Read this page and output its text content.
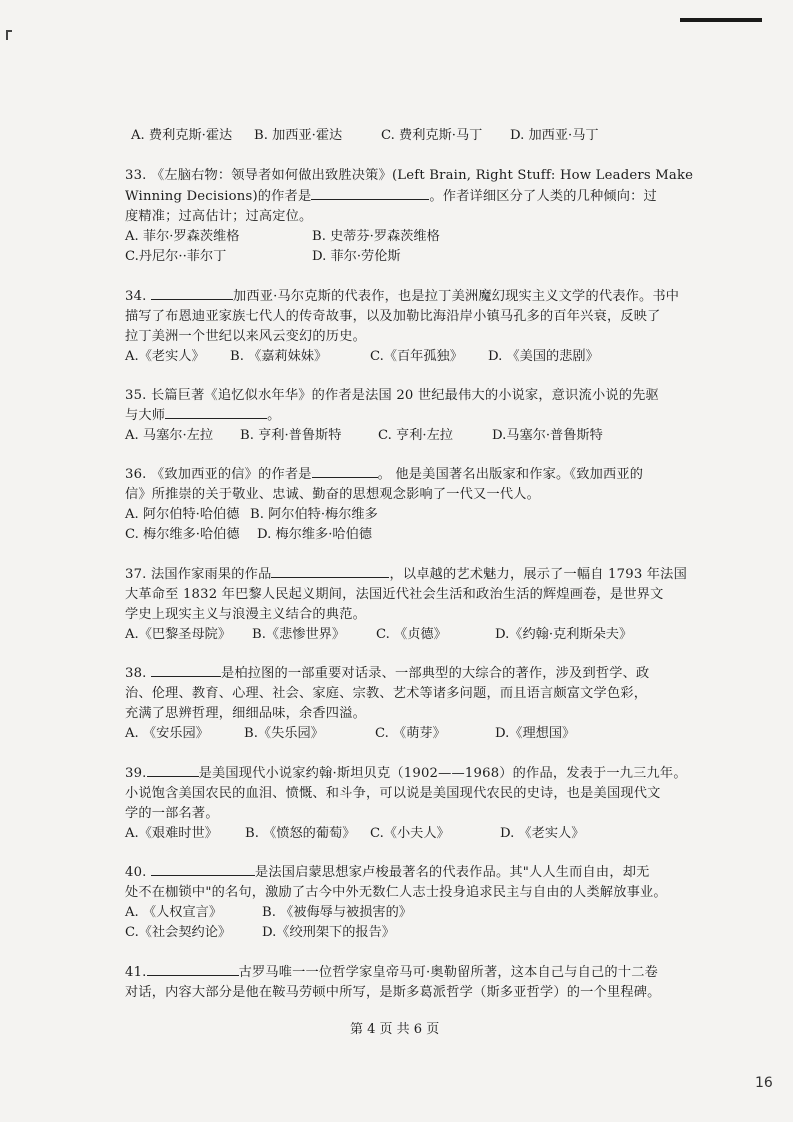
A. 费利克斯·霍达 B. 加西亚·霍达	C. 费利克斯·马丁 D. 加西亚·马丁
33. 《左脑右物：领导者如何做出致胜决策》(Left Brain, Right Stuff: How Leaders Make
Winning Decisions)的作者是	。作者详细区分了人类的几种倾向：过
度精准；过高估计；过高定位。
A. 菲尔·罗森茨维格	B. 史蒂芬·罗森茨维格
C.丹尼尔··菲尔丁	D. 菲尔·劳伦斯
34.	加西亚·马尔克斯的代表作，也是拉丁美洲魔幻现实主义文学的代表作。书中
描写了布恩迪亚家族七代人的传奇故事，以及加勒比海沿岸小镇马孔多的百年兴衰，反映了
拉丁美洲一个世纪以来风云变幻的历史。
A.《老实人》 B. 《嘉莉妹妹》	C.《百年孤独》 D. 《美国的悲剧》
35. 长篇巨著《追忆似水年华》的作者是法国 20 世纪最伟大的小说家，意识流小说的先驱
与大师	。
A. 马塞尔·左拉 B. 亨利·普鲁斯特	C. 亨利·左拉	D.马塞尔·普鲁斯特
36. 《致加西亚的信》的作者是	。 他是美国著名出版家和作家。《致加西亚的
信》所推崇的关于敬业、忠诚、勤奋的思想观念影响了一代又一代人。
A. 阿尔伯特·哈伯德 B. 阿尔伯特·梅尔维多
C. 梅尔维多·哈伯德 D. 梅尔维多·哈伯德
37. 法国作家雨果的作品	，以卓越的艺术魅力，展示了一幅自 1793 年法国
大革命至 1832 年巴黎人民起义期间，法国近代社会生活和政治生活的辉煌画卷，是世界文
学史上现实主义与浪漫主义结合的典范。
A.《巴黎圣母院》 B.《悲惨世界》 C. 《贞德》	D.《约翰·克利斯朵夫》
38.	是柏拉图的一部重要对话录、一部典型的大综合的著作，涉及到哲学、政
治、伦理、教育、心理、社会、家庭、宗教、艺术等诸多问题，而且语言颇富文学色彩，
充满了思辨哲理，细细品味，余香四溢。
A. 《安乐园》	B.《失乐园》	C. 《萌芽》	D.《理想国》
39.	是美国现代小说家约翰·斯坦贝克（1902——1968）的作品，发表于一九三九年。
小说饱含美国农民的血泪、愤慨、和斗争，可以说是美国现代农民的史诗，也是美国现代文
学的一部名著。
A.《艰难时世》 B. 《愤怒的葡萄》 C.《小夫人》	D. 《老实人》
40.	是法国启蒙思想家卢梭最著名的代表作品。其"人人生而自由，却无
处不在枷锁中"的名句，激励了古今中外无数仁人志士投身追求民主与自由的人类解放事业。
A. 《人权宣言》	B. 《被侮辱与被损害的》
C.《社会契约论》 D.《绞刑架下的报告》
41.	古罗马唯一一位哲学家皇帝马可·奥勒留所著，这本自己与自己的十二卷
对话，内容大部分是他在鞍马劳顿中所写，是斯多葛派哲学（斯多亚哲学）的一个里程碑。
第 4 页 共 6 页
16
